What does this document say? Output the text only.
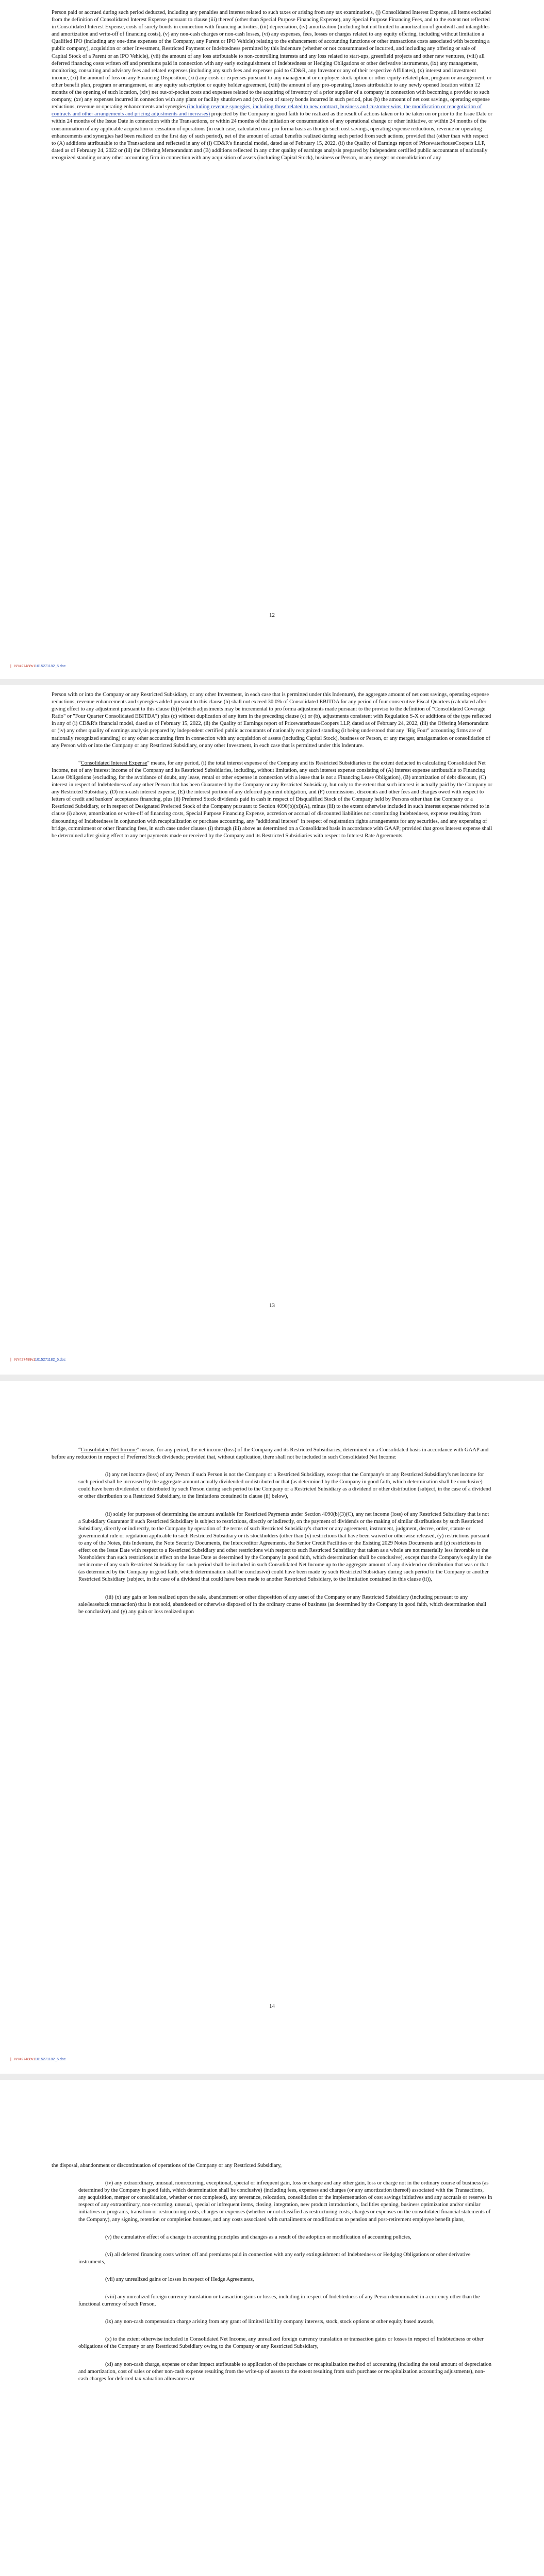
Person paid or accrued during such period deducted, including any penalties and interest related to such taxes or arising from any tax examinations, (j) Consolidated Interest Expense, all items excluded from the definition of Consolidated Interest Expense pursuant to clause (iii) thereof (other than Special Purpose Financing Expense), any Special Purpose Financing Fees, and to the extent not reflected in Consolidated Interest Expense, costs of surety bonds in connection with financing activities, (iii) depreciation, (iv) amortization (including but not limited to amortization of goodwill and intangibles and amortization and write-off of financing costs), (v) any non-cash charges or non-cash losses, (vi) any expenses, fees, losses or charges related to any equity offering, including without limitation a Qualified IPO (including any one-time expenses of the Company, any Parent or IPO Vehicle) relating to the enhancement of accounting functions or other transactions costs associated with becoming a public company), acquisition or other Investment, Restricted Payment or Indebtedness permitted by this Indenture (whether or not consummated or incurred, and including any offering or sale of Capital Stock of a Parent or an IPO Vehicle), (vii) the amount of any loss attributable to non-controlling interests and any loss related to start-ups, greenfield projects and other new ventures, (viii) all deferred financing costs written off and premiums paid in connection with any early extinguishment of Indebtedness or Hedging Obligations or other derivative instruments, (ix) any management, monitoring, consulting and advisory fees and related expenses (including any such fees and expenses paid to CD&R, any Investor or any of their respective Affiliates), (x) interest and investment income, (xi) the amount of loss on any Financing Disposition, (xii) any costs or expenses pursuant to any management or employee stock option or other equity-related plan, program or arrangement, or other benefit plan, program or arrangement, or any equity subscription or equity holder agreement, (xiii) the amount of any pro-operating losses attributable to any newly opened location within 12 months of the opening of such location, (xiv) net out-of-pocket costs and expenses related to the acquiring of inventory of a prior supplier of a company in connection with becoming a provider to such company, (xv) any expenses incurred in connection with any plant or facility shutdown and (xvi) cost of surety bonds incurred in such period, plus (b) the amount of net cost savings, operating expense reductions, revenue or operating enhancements and synergies (including revenue synergies, including those related to new contract, business and customer wins, the modification or renegotiation of contracts and other arrangements and pricing adjustments and increases) projected by the Company in good faith to be realized as the result of actions taken or to be taken on or prior to the Issue Date or within 24 months of the Issue Date in connection with the Transactions, or within 24 months of the initiation or consummation of any operational change or other initiative, or within 24 months of the consummation of any applicable acquisition or cessation of operations (in each case, calculated on a pro forma basis as though such cost savings, operating expense reductions, revenue or operating enhancements and synergies had been realized on the first day of such period), net of the amount of actual benefits realized during such period from such actions; provided that (other than with respect to (A) additions attributable to the Transactions and reflected in any of (i) CD&R's financial model, dated as of February 15, 2022, (ii) the Quality of Earnings report of PricewaterhouseCoopers LLP, dated as of February 24, 2022 or (iii) the Offering Memorandum and (B) additions reflected in any other quality of earnings analysis prepared by independent certified public accountants of nationally recognized standing or any other accounting firm in connection with any acquisition of assets (including Capital Stock), business or Person, or any merger or consolidation of any

12
| NY#27488v11015271182_5.doc

Person with or into the Company or any Restricted Subsidiary, or any other Investment, in each case that is permitted under this Indenture), the aggregate amount of net cost savings, operating expense reductions, revenue enhancements and synergies added pursuant to this clause (b) shall not exceed 30.0% of Consolidated EBITDA for any period of four consecutive Fiscal Quarters (calculated after giving effect to any adjustment pursuant to this clause (b)) (which adjustments may be incremental to pro forma adjustments made pursuant to the proviso to the definition of "Consolidated Coverage Ratio" or "Four Quarter Consolidated EBITDA") plus (c) without duplication of any item in the preceding clause (c) or (b), adjustments consistent with Regulation S-X or additions of the type reflected in any of (i) CD&R's financial model, dated as of February 15, 2022, (ii) the Quality of Earnings report of PricewaterhouseCoopers LLP, dated as of February 24, 2022, (iii) the Offering Memorandum or (iv) any other quality of earnings analysis prepared by independent certified public accountants of nationally recognized standing (it being understood that any "Big Four" accounting firms are of nationally recognized standing) or any other accounting firm in connection with any acquisition of assets (including Capital Stock), business or Person, or any merger, amalgamation or consolidation of any Person with or into the Company or any Restricted Subsidiary, or any other Investment, in each case that is permitted under this Indenture.

“Consolidated Interest Expense" means, for any period, (i) the total interest expense of the Company and its Restricted Subsidiaries to the extent deducted in calculating Consolidated Net Income, net of any interest income of the Company and its Restricted Subsidiaries, including, without limitation, any such interest expense consisting of (A) interest expense attributable to Financing Lease Obligations (excluding, for the avoidance of doubt, any lease, rental or other expense in connection with a lease that is not a Financing Lease Obligation), (B) amortization of debt discount, (C) interest in respect of Indebtedness of any other Person that has been Guaranteed by the Company or any Restricted Subsidiary, but only to the extent that such interest is actually paid by the Company or any Restricted Subsidiary, (D) non-cash interest expense, (E) the interest portion of any deferred payment obligation, and (F) commissions, discounts and other fees and charges owed with respect to letters of credit and bankers' acceptance financing, plus (ii) Preferred Stock dividends paid in cash in respect of Disqualified Stock of the Company held by Persons other than the Company or a Restricted Subsidiary, or in respect of Designated Preferred Stock of the Company pursuant to Section 4090(b)(xi)(A), minus (iii) to the extent otherwise included in such interest expense referred to in clause (i) above, amortization or write-off of financing costs, Special Purpose Financing Expense, accretion or accrual of discounted liabilities not constituting Indebtedness, expense resulting from discounting of Indebtedness in conjunction with recapitalization or purchase accounting, any "additional interest" in respect of registration rights arrangements for any securities, and any expensing of bridge, commitment or other financing fees, in each case under clauses (i) through (iii) above as determined on a Consolidated basis in accordance with GAAP; provided that gross interest expense shall be determined after giving effect to any net payments made or received by the Company and its Restricted Subsidiaries with respect to Interest Rate Agreements.

13
| NY#27488v11015271182_5.doc

“Consolidated Net Income" means, for any period, the net income (loss) of the Company and its Restricted Subsidiaries, determined on a Consolidated basis in accordance with GAAP and before any reduction in respect of Preferred Stock dividends; provided that, without duplication, there shall not be included in such Consolidated Net Income:

(i) any net income (loss) of any Person if such Person is not the Company or a Restricted Subsidiary, except that the Company's or any Restricted Subsidiary's net income for such period shall be increased by the aggregate amount actually dividended or distributed or that (as determined by the Company in good faith, which determination shall be conclusive) could have been dividended or distributed by such Person during such period to the Company or a Restricted Subsidiary as a dividend or other distribution (subject, in the case of a dividend or other distribution to a Restricted Subsidiary, to the limitations contained in clause (ii) below),

(ii) solely for purposes of determining the amount available for Restricted Payments under Section 4090(b)(3)(C), any net income (loss) of any Restricted Subsidiary that is not a Subsidiary Guarantor if such Restricted Subsidiary is subject to restrictions, directly or indirectly, on the payment of dividends or the making of similar distributions by such Restricted Subsidiary, directly or indirectly, to the Company by operation of the terms of such Restricted Subsidiary's charter or any agreement, instrument, judgment, decree, order, statute or governmental rule or regulation applicable to such Restricted Subsidiary or its stockholders (other than (x) restrictions that have been waived or otherwise released, (y) restrictions pursuant to any of the Notes, this Indenture, the Note Security Documents, the Intercreditor Agreements, the Senior Credit Facilities or the Existing 2029 Notes Documents and (z) restrictions in effect on the Issue Date with respect to a Restricted Subsidiary and other restrictions with respect to such Restricted Subsidiary that taken as a whole are not materially less favorable to the Noteholders than such restrictions in effect on the Issue Date as determined by the Company in good faith, which determination shall be conclusive), except that the Company's equity in the net income of any such Restricted Subsidiary for such period shall be included in such Consolidated Net Income up to the aggregate amount of any dividend or distribution that was or that (as determined by the Company in good faith, which determination shall be conclusive) could have been made by such Restricted Subsidiary during such period to the Company or another Restricted Subsidiary (subject, in the case of a dividend that could have been made to another Restricted Subsidiary, to the limitation contained in this clause (ii)),

(iii) (x) any gain or loss realized upon the sale, abandonment or other disposition of any asset of the Company or any Restricted Subsidiary (including pursuant to any sale/leaseback transaction) that is not sold, abandoned or otherwise disposed of in the ordinary course of business (as determined by the Company in good faith, which determination shall be conclusive) and (y) any gain or loss realized upon

14
| NY#27488v11015271182_5.doc

the disposal, abandonment or discontinuation of operations of the Company or any Restricted Subsidiary,

(iv) any extraordinary, unusual, nonrecurring, exceptional, special or infrequent gain, loss or charge and any other gain, loss or charge not in the ordinary course of business (as determined by the Company in good faith, which determination shall be conclusive) (including fees, expenses and charges (or any amortization thereof) associated with the Transactions, any acquisition, merger or consolidation, whether or not completed), any severance, relocation, consolidation or the implementation of cost savings initiatives and any accruals or reserves in respect of any extraordinary, non-recurring, unusual, special or infrequent items, closing, integration, new product introductions, facilities opening, business optimization and/or similar initiatives or programs, transition or restructuring costs, charges or expenses (whether or not classified as restructuring costs, charges or expenses on the consolidated financial statements of the Company), any signing, retention or completion bonuses, and any costs associated with curtailments or modifications to pension and post-retirement employee benefit plans,

(v) the cumulative effect of a change in accounting principles and changes as a result of the adoption or modification of accounting policies,

(vi) all deferred financing costs written off and premiums paid in connection with any early extinguishment of Indebtedness or Hedging Obligations or other derivative instruments,

(vii) any unrealized gains or losses in respect of Hedge Agreements,

(viii) any unrealized foreign currency translation or transaction gains or losses, including in respect of Indebtedness of any Person denominated in a currency other than the functional currency of such Person,

(ix) any non-cash compensation charge arising from any grant of limited liability company interests, stock, stock options or other equity based awards,

(x) to the extent otherwise included in Consolidated Net Income, any unrealized foreign currency translation or transaction gains or losses in respect of Indebtedness or other obligations of the Company or any Restricted Subsidiary owing to the Company or any Restricted Subsidiary,

(xi) any non-cash charge, expense or other impact attributable to application of the purchase or recapitalization method of accounting (including the total amount of depreciation and amortization, cost of sales or other non-cash expense resulting from the write-up of assets to the extent resulting from such purchase or recapitalization accounting adjustments), non-cash charges for deferred tax valuation allowances or
